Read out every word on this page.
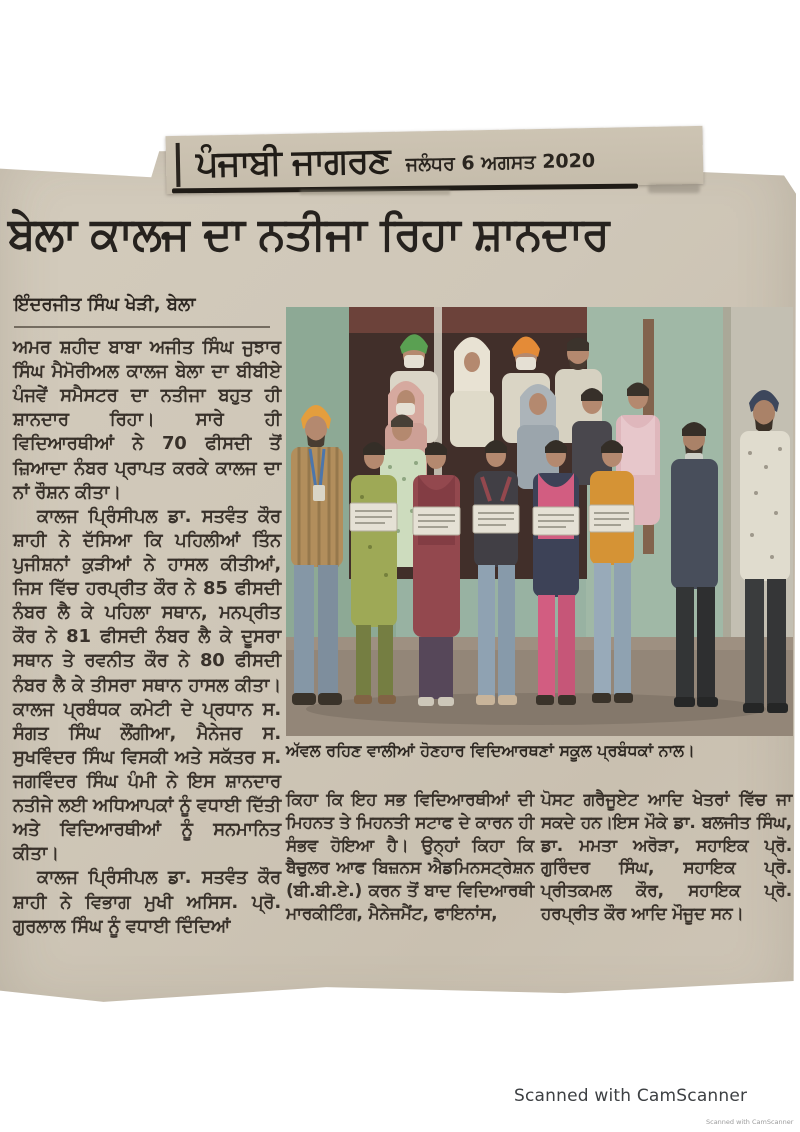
ਪੰਜਾਬੀ ਜਾਗਰਣ ਜਲੰਧਰ 6 ਅਗਸਤ 2020
ਬੇਲਾ ਕਾਲਜ ਦਾ ਨਤੀਜਾ ਰਿਹਾ ਸ਼ਾਨਦਾਰ
ਇੰਦਰਜੀਤ ਸਿੰਘ ਖੇੜੀ, ਬੇਲਾ

ਅਮਰ ਸ਼ਹੀਦ ਬਾਬਾ ਅਜੀਤ ਸਿੰਘ ਜੁਝਾਰ ਸਿੰਘ ਮੈਮੋਰੀਅਲ ਕਾਲਜ ਬੇਲਾ ਦਾ ਬੀਬੀਏ ਪੰਜਵੇਂ ਸਮੈਸਟਰ ਦਾ ਨਤੀਜਾ ਬਹੁਤ ਹੀ ਸ਼ਾਨਦਾਰ ਰਿਹਾ। ਸਾਰੇ ਹੀ ਵਿਦਿਆਰਥੀਆਂ ਨੇ 70 ਫੀਸਦੀ ਤੋਂ ਜ਼ਿਆਦਾ ਨੰਬਰ ਪ੍ਰਾਪਤ ਕਰਕੇ ਕਾਲਜ ਦਾ ਨਾਂ ਰੌਸ਼ਨ ਕੀਤਾ।

ਕਾਲਜ ਪ੍ਰਿੰਸੀਪਲ ਡਾ. ਸਤਵੰਤ ਕੌਰ ਸ਼ਾਹੀ ਨੇ ਦੱਸਿਆ ਕਿ ਪਹਿਲੀਆਂ ਤਿੰਨ ਪੁਜੀਸ਼ਨਾਂ ਕੁੜੀਆਂ ਨੇ ਹਾਸਲ ਕੀਤੀਆਂ, ਜਿਸ ਵਿੱਚ ਹਰਪ੍ਰੀਤ ਕੌਰ ਨੇ 85 ਫੀਸਦੀ ਨੰਬਰ ਲੈ ਕੇ ਪਹਿਲਾ ਸਥਾਨ, ਮਨਪ੍ਰੀਤ ਕੌਰ ਨੇ 81 ਫੀਸਦੀ ਨੰਬਰ ਲੈ ਕੇ ਦੂਸਰਾ ਸਥਾਨ ਤੇ ਰਵਨੀਤ ਕੌਰ ਨੇ 80 ਫੀਸਦੀ ਨੰਬਰ ਲੈ ਕੇ ਤੀਸਰਾ ਸਥਾਨ ਹਾਸਲ ਕੀਤਾ।ਕਾਲਜ ਪ੍ਰਬੰਧਕ ਕਮੇਟੀ ਦੇ ਪ੍ਰਧਾਨ ਸ. ਸੰਗਤ ਸਿੰਘ ਲੌਂਗੀਆ, ਮੈਨੇਜਰ ਸ. ਸੁਖਵਿੰਦਰ ਸਿੰਘ ਵਿਸਕੀ ਅਤੇ ਸਕੱਤਰ ਸ. ਜਗਵਿੰਦਰ ਸਿੰਘ ਪੰਮੀ ਨੇ ਇਸ ਸ਼ਾਨਦਾਰ ਨਤੀਜੇ ਲਈ ਅਧਿਆਪਕਾਂ ਨੂੰ ਵਧਾਈ ਦਿੱਤੀ ਅਤੇ ਵਿਦਿਆਰਥੀਆਂ ਨੂੰ ਸਨਮਾਨਿਤ ਕੀਤਾ।

ਕਾਲਜ ਪ੍ਰਿੰਸੀਪਲ ਡਾ. ਸਤਵੰਤ ਕੌਰ ਸ਼ਾਹੀ ਨੇ ਵਿਭਾਗ ਮੁਖੀ ਅਸਿਸ. ਪ੍ਰੋ. ਗੁਰਲਾਲ ਸਿੰਘ ਨੂੰ ਵਧਾਈ ਦਿੰਦਿਆਂ

ਅੱਵਲ ਰਹਿਣ ਵਾਲੀਆਂ ਹੋਣਹਾਰ ਵਿਦਿਆਰਥਣਾਂ ਸਕੂਲ ਪ੍ਰਬੰਧਕਾਂ ਨਾਲ।

ਕਿਹਾ ਕਿ ਇਹ ਸਭ ਵਿਦਿਆਰਥੀਆਂ ਦੀ ਮਿਹਨਤ ਤੇ ਮਿਹਨਤੀ ਸਟਾਫ ਦੇ ਕਾਰਨ ਹੀ ਸੰਭਵ ਹੋਇਆ ਹੈ। ਉਨ੍ਹਾਂ ਕਿਹਾ ਕਿ ਬੈਚੁਲਰ ਆਫ ਬਿਜ਼ਨਸ ਐਡਮਿਨਸਟ੍ਰੇਸ਼ਨ (ਬੀ.ਬੀ.ਏ.) ਕਰਨ ਤੋਂ ਬਾਦ ਵਿਦਿਆਰਥੀ ਮਾਰਕੀਟਿੰਗ, ਮੈਨੇਜਮੈਂਟ, ਫਾਇਨਾਂਸ,

ਪੋਸਟ ਗਰੈਜੂਏਟ ਆਦਿ ਖੇਤਰਾਂ ਵਿੱਚ ਜਾ ਸਕਦੇ ਹਨ।ਇਸ ਮੌਕੇ ਡਾ. ਬਲਜੀਤ ਸਿੰਘ, ਡਾ. ਮਮਤਾ ਅਰੋੜਾ, ਸਹਾਇਕ ਪ੍ਰੋ. ਗੁਰਿੰਦਰ ਸਿੰਘ, ਸਹਾਇਕ ਪ੍ਰੋ. ਪ੍ਰੀਤਕਮਲ ਕੌਰ, ਸਹਾਇਕ ਪ੍ਰੋ. ਹਰਪ੍ਰੀਤ ਕੌਰ ਆਦਿ ਮੌਜੂਦ ਸਨ।

Scanned with CamScanner
Scanned with CamScanner
